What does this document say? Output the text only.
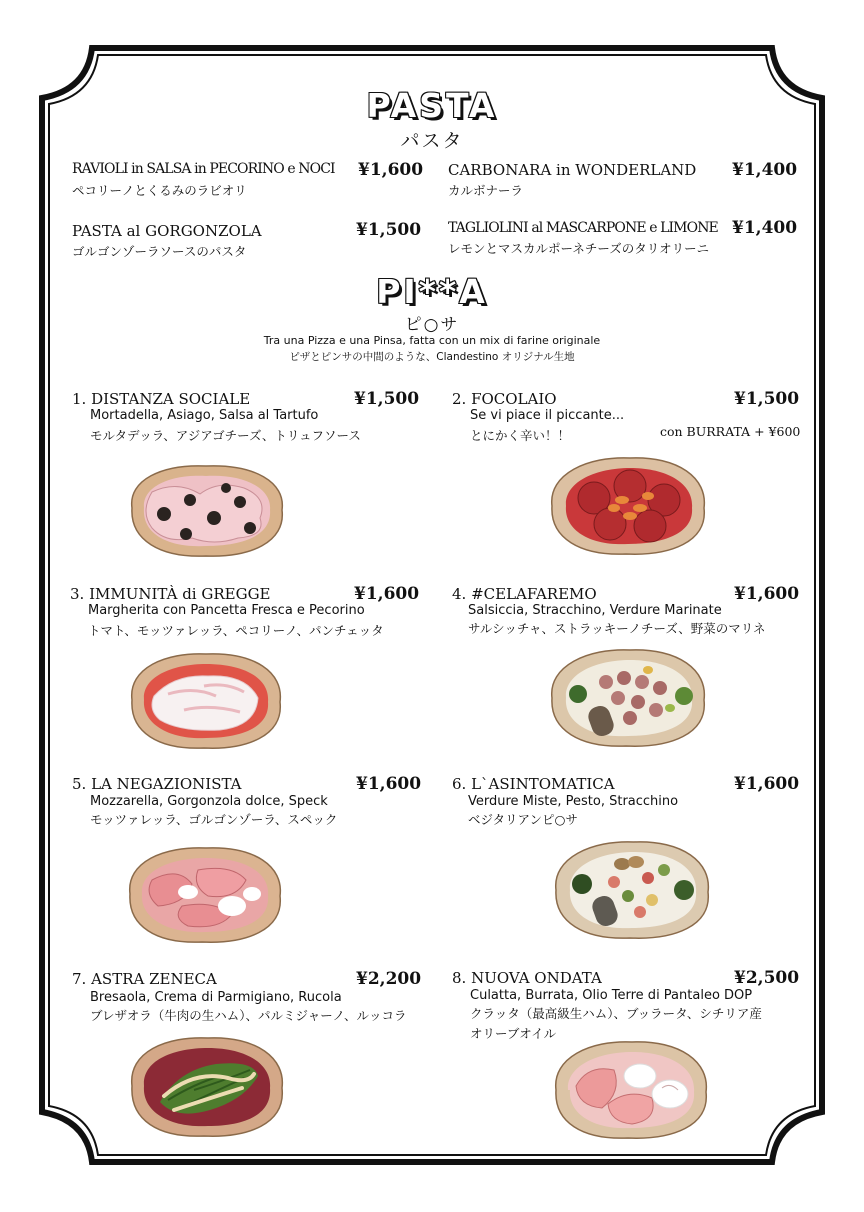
PASTA
パスタ
RAVIOLI in SALSA in PECORINO e NOCI ¥1,600
ペコリーノとくるみのラビオリ
CARBONARA in WONDERLAND ¥1,400
カルボナーラ
PASTA al GORGONZOLA	¥1,500
ゴルゴンゾーラソースのパスタ
TAGLIOLINI al MASCARPONE e LIMONE ¥1,400
レモンとマスカルポーネチーズのタリオリーニ
PI**A
ピ○サ
Tra una Pizza e una Pinsa, fatta con un mix di farine originale
ピザとピンサの中間のような、Clandestino オリジナル生地
1. DISTANZA SOCIALE	¥1,500
Mortadella, Asiago, Salsa al Tartufo
モルタデッラ、アジアゴチーズ、トリュフソース
2. FOCOLAIO	¥1,500
Se vi piace il piccante...
とにかく辛い！！	con BURRATA + ¥600
3. IMMUNITÀ di GREGGE	¥1,600
Margherita con Pancetta Fresca e Pecorino
トマト、モッツァレッラ、ペコリーノ、パンチェッタ
4. #CELAFAREMO	¥1,600
Salsiccia, Stracchino, Verdure Marinate
サルシッチャ、ストラッキーノチーズ、野菜のマリネ
5. LA NEGAZIONISTA	¥1,600
Mozzarella, Gorgonzola dolce, Speck
モッツァレッラ、ゴルゴンゾーラ、スペック
6. L`ASINTOMATICA	¥1,600
Verdure Miste, Pesto, Stracchino
ベジタリアンピ○サ
7. ASTRA ZENECA	¥2,200
Bresaola, Crema di Parmigiano, Rucola
ブレザオラ（牛肉の生ハム）、パルミジャーノ、ルッコラ
8. NUOVA ONDATA	¥2,500
Culatta, Burrata, Olio Terre di Pantaleo DOP
クラッタ（最高級生ハム）、ブッラータ、シチリア産
オリーブオイル
